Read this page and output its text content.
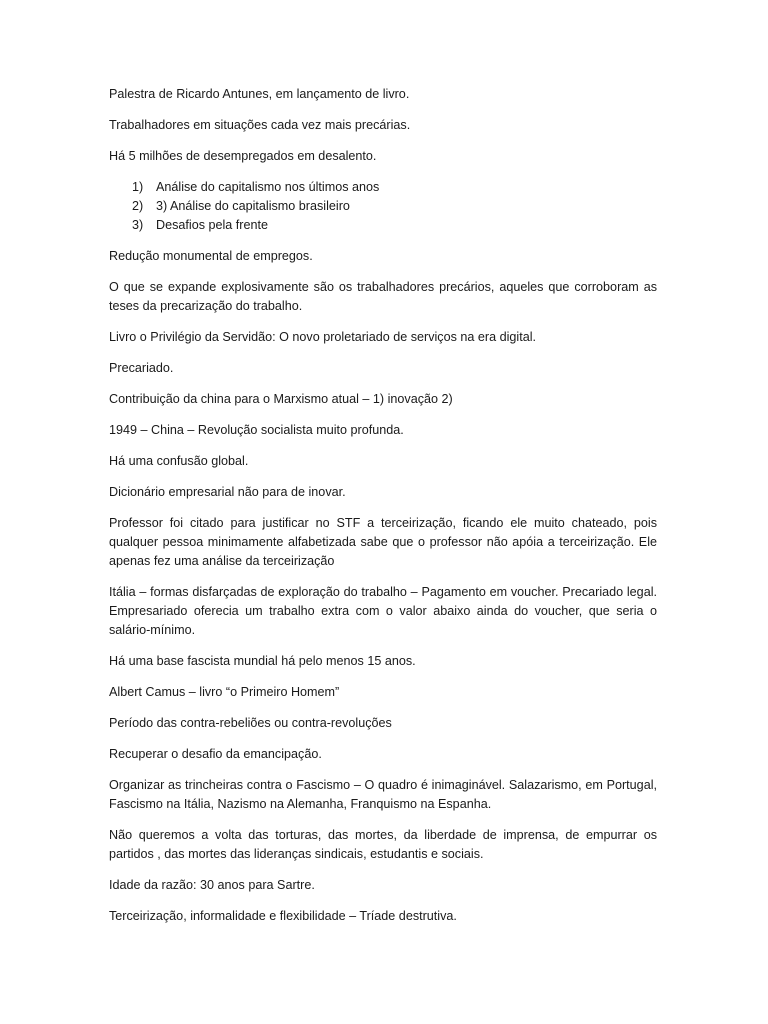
Palestra de Ricardo Antunes, em lançamento de livro.

Trabalhadores em situações cada vez mais precárias.

Há 5 milhões de desempregados em desalento.

1)	Análise do capitalismo nos últimos anos
2)	3) Análise do capitalismo brasileiro
3)	Desafios pela frente

Redução monumental de empregos.

O que se expande explosivamente são os trabalhadores precários, aqueles que corroboram as teses da precarização do trabalho.

Livro o Privilégio da Servidão: O novo proletariado de serviços na era digital.

Precariado.

Contribuição da china para o Marxismo atual – 1) inovação 2)

1949 – China – Revolução socialista muito profunda.

Há uma confusão global.

Dicionário empresarial não para de inovar.

Professor foi citado para justificar no STF a terceirização, ficando ele muito chateado, pois qualquer pessoa minimamente alfabetizada sabe que o professor não apóia a terceirização. Ele apenas fez uma análise da terceirização

Itália – formas disfarçadas de exploração do trabalho – Pagamento em voucher. Precariado legal. Empresariado oferecia um trabalho extra com o valor abaixo ainda do voucher, que seria o salário-mínimo.

Há uma base fascista mundial há pelo menos 15 anos.

Albert Camus – livro “o Primeiro Homem”

Período das contra-rebeliões ou contra-revoluções

Recuperar o desafio da emancipação.

Organizar as trincheiras contra o Fascismo – O quadro é inimaginável. Salazarismo, em Portugal, Fascismo na Itália, Nazismo na Alemanha, Franquismo na Espanha.

Não queremos a volta das torturas, das mortes, da liberdade de imprensa, de empurrar os partidos , das mortes das lideranças sindicais, estudantis e sociais.

Idade da razão: 30 anos para Sartre.

Terceirização, informalidade e flexibilidade – Tríade destrutiva.
